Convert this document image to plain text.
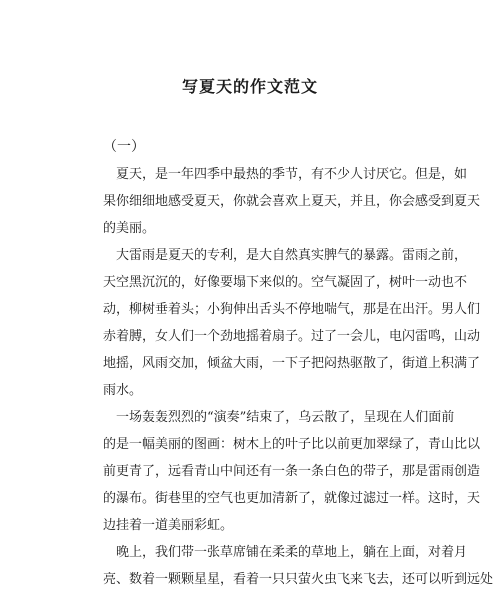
写夏天的作文范文
（一）
　夏天，是一年四季中最热的季节，有不少人讨厌它。但是，如
果你细细地感受夏天，你就会喜欢上夏天，并且，你会感受到夏天
的美丽。
　大雷雨是夏天的专利，是大自然真实脾气的暴露。雷雨之前，
天空黑沉沉的，好像要塌下来似的。空气凝固了，树叶一动也不
动，柳树垂着头；小狗伸出舌头不停地喘气，那是在出汗。男人们
赤着膊，女人们一个劲地摇着扇子。过了一会儿，电闪雷鸣，山动
地摇，风雨交加，倾盆大雨，一下子把闷热驱散了，街道上积满了
雨水。
　一场轰轰烈烈的“演奏”结束了，乌云散了，呈现在人们面前
的是一幅美丽的图画：树木上的叶子比以前更加翠绿了，青山比以
前更青了，远看青山中间还有一条一条白色的带子，那是雷雨创造
的瀑布。街巷里的空气也更加清新了，就像过滤过一样。这时，天
边挂着一道美丽彩虹。
　晚上，我们带一张草席铺在柔柔的草地上，躺在上面，对着月
亮、数着一颗颗星星，看着一只只萤火虫飞来飞去，还可以听到远处
